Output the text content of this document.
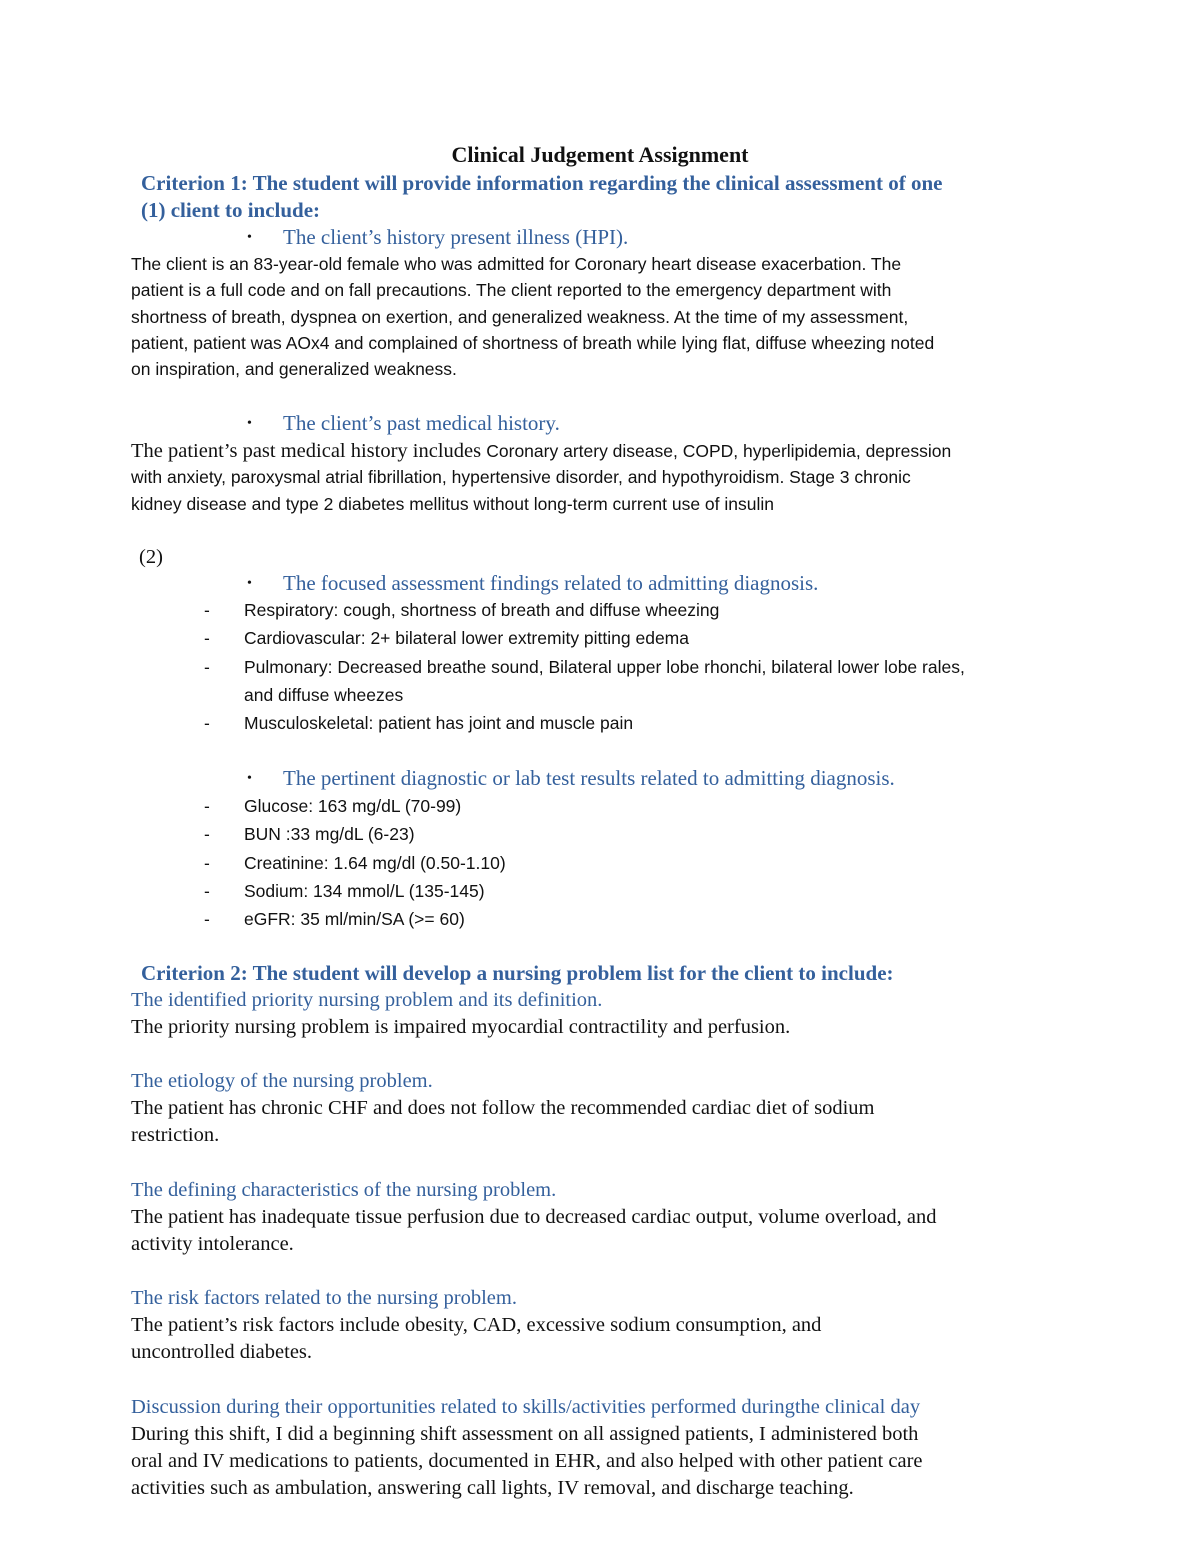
Clinical Judgement Assignment
Criterion 1: The student will provide information regarding the clinical assessment of one
(1) client to include:
• The client’s history present illness (HPI).
The client is an 83-year-old female who was admitted for Coronary heart disease exacerbation. The
patient is a full code and on fall precautions. The client reported to the emergency department with
shortness of breath, dyspnea on exertion, and generalized weakness. At the time of my assessment,
patient, patient was AOx4 and complained of shortness of breath while lying flat, diffuse wheezing noted
on inspiration, and generalized weakness.
• The client’s past medical history.
The patient’s past medical history includes Coronary artery disease, COPD, hyperlipidemia, depression
with anxiety, paroxysmal atrial fibrillation, hypertensive disorder, and hypothyroidism. Stage 3 chronic
kidney disease and type 2 diabetes mellitus without long-term current use of insulin
(2)
• The focused assessment findings related to admitting diagnosis.
- Respiratory: cough, shortness of breath and diffuse wheezing
- Cardiovascular: 2+ bilateral lower extremity pitting edema
- Pulmonary: Decreased breathe sound, Bilateral upper lobe rhonchi, bilateral lower lobe rales,
and diffuse wheezes
- Musculoskeletal: patient has joint and muscle pain
• The pertinent diagnostic or lab test results related to admitting diagnosis.
- Glucose: 163 mg/dL (70-99)
- BUN :33 mg/dL (6-23)
- Creatinine: 1.64 mg/dl (0.50-1.10)
- Sodium: 134 mmol/L (135-145)
- eGFR: 35 ml/min/SA (>= 60)
Criterion 2: The student will develop a nursing problem list for the client to include:
The identified priority nursing problem and its definition.
The priority nursing problem is impaired myocardial contractility and perfusion.
The etiology of the nursing problem.
The patient has chronic CHF and does not follow the recommended cardiac diet of sodium
restriction.
The defining characteristics of the nursing problem.
The patient has inadequate tissue perfusion due to decreased cardiac output, volume overload, and
activity intolerance.
The risk factors related to the nursing problem.
The patient’s risk factors include obesity, CAD, excessive sodium consumption, and
uncontrolled diabetes.
Discussion during their opportunities related to skills/activities performed duringthe clinical day
During this shift, I did a beginning shift assessment on all assigned patients, I administered both
oral and IV medications to patients, documented in EHR, and also helped with other patient care
activities such as ambulation, answering call lights, IV removal, and discharge teaching.
